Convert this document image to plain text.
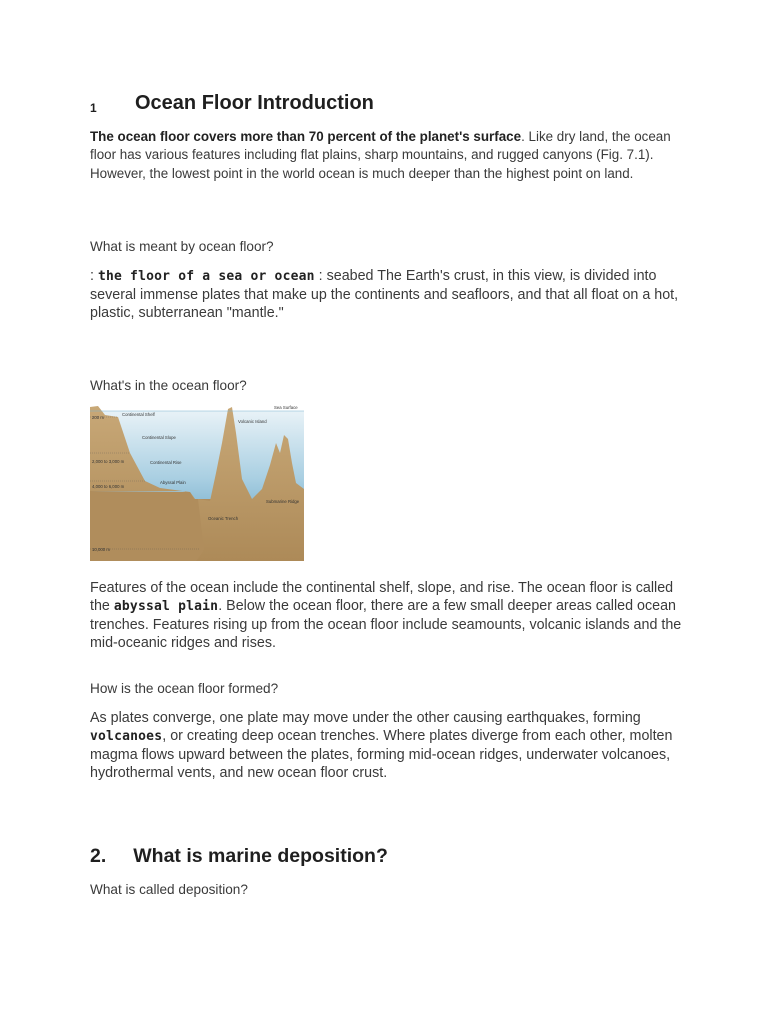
1 Ocean Floor Introduction
The ocean floor covers more than 70 percent of the planet's surface. Like dry land, the ocean floor has various features including flat plains, sharp mountains, and rugged canyons (Fig. 7.1). However, the lowest point in the world ocean is much deeper than the highest point on land.
What is meant by ocean floor?
: the floor of a sea or ocean : seabed The Earth's crust, in this view, is divided into several immense plates that make up the continents and seafloors, and that all float on a hot, plastic, subterranean "mantle."
What's in the ocean floor?
Sea Surface
Continental Shelf
Continental Slope
Continental Rise
Abyssal Plain
Oceanic Trench
Volcanic Island
Submarine Ridge
200 m
2,000 to 3,000 m
4,000 to 6,000 m
10,000 m
Features of the ocean include the continental shelf, slope, and rise. The ocean floor is called the abyssal plain. Below the ocean floor, there are a few small deeper areas called ocean trenches. Features rising up from the ocean floor include seamounts, volcanic islands and the mid-oceanic ridges and rises.
How is the ocean floor formed?
As plates converge, one plate may move under the other causing earthquakes, forming volcanoes, or creating deep ocean trenches. Where plates diverge from each other, molten magma flows upward between the plates, forming mid-ocean ridges, underwater volcanoes, hydrothermal vents, and new ocean floor crust.
2. What is marine deposition?
What is called deposition?
